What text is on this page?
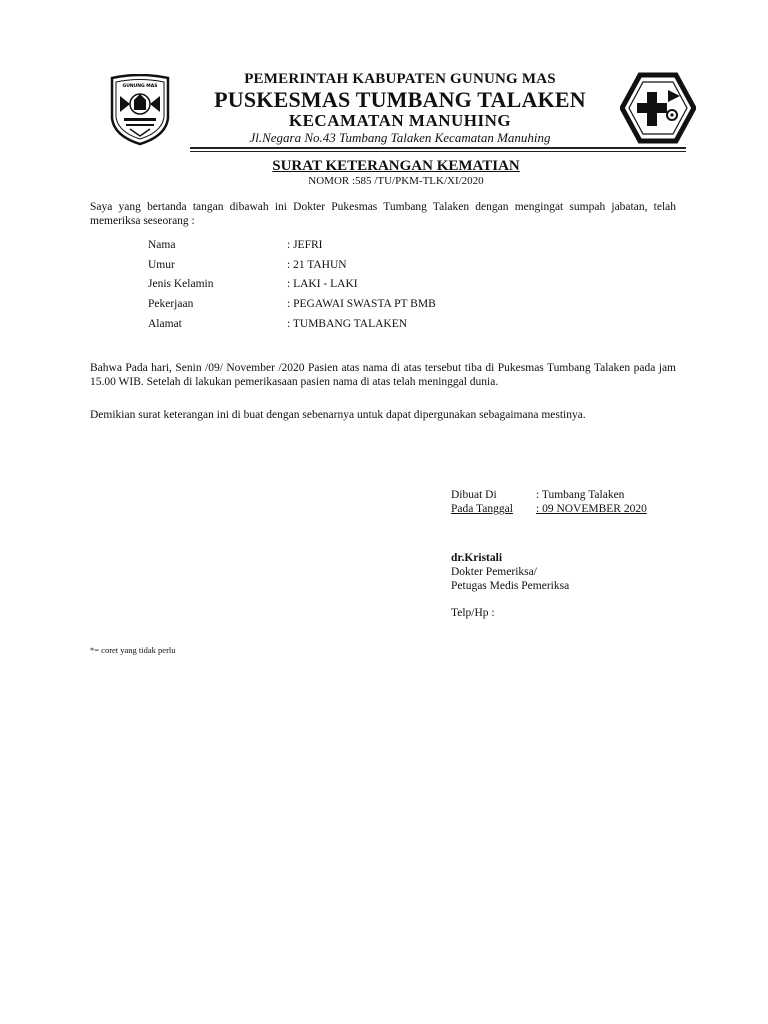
GUNUNG MAS	PEMERINTAH KABUPATEN GUNUNG MAS
PUSKESMAS TUMBANG TALAKEN
KECAMATAN MANUHING
Jl.Negara No.43 Tumbang Talaken Kecamatan Manuhing
SURAT KETERANGAN KEMATIAN
NOMOR :585 /TU/PKM-TLK/XI/2020
Saya yang bertanda tangan dibawah ini Dokter Pukesmas Tumbang Talaken dengan mengingat sumpah jabatan, telah memeriksa seseorang :
Nama	: JEFRI
Umur	: 21 TAHUN
Jenis Kelamin	: LAKI - LAKI
Pekerjaan	: PEGAWAI SWASTA PT BMB
Alamat	: TUMBANG TALAKEN
Bahwa Pada hari, Senin /09/ November /2020 Pasien atas nama di atas tersebut tiba di Pukesmas Tumbang Talaken pada jam 15.00 WIB. Setelah di lakukan pemerikasaan pasien nama di atas telah meninggal dunia.
Demikian surat keterangan ini di buat dengan sebenarnya untuk dapat dipergunakan sebagaimana mestinya.
Dibuat Di	: Tumbang Talaken
Pada Tanggal : 09 NOVEMBER 2020
dr.Kristali
Dokter Pemeriksa/
Petugas Medis Pemeriksa
Telp/Hp :
*= coret yang tidak perlu
